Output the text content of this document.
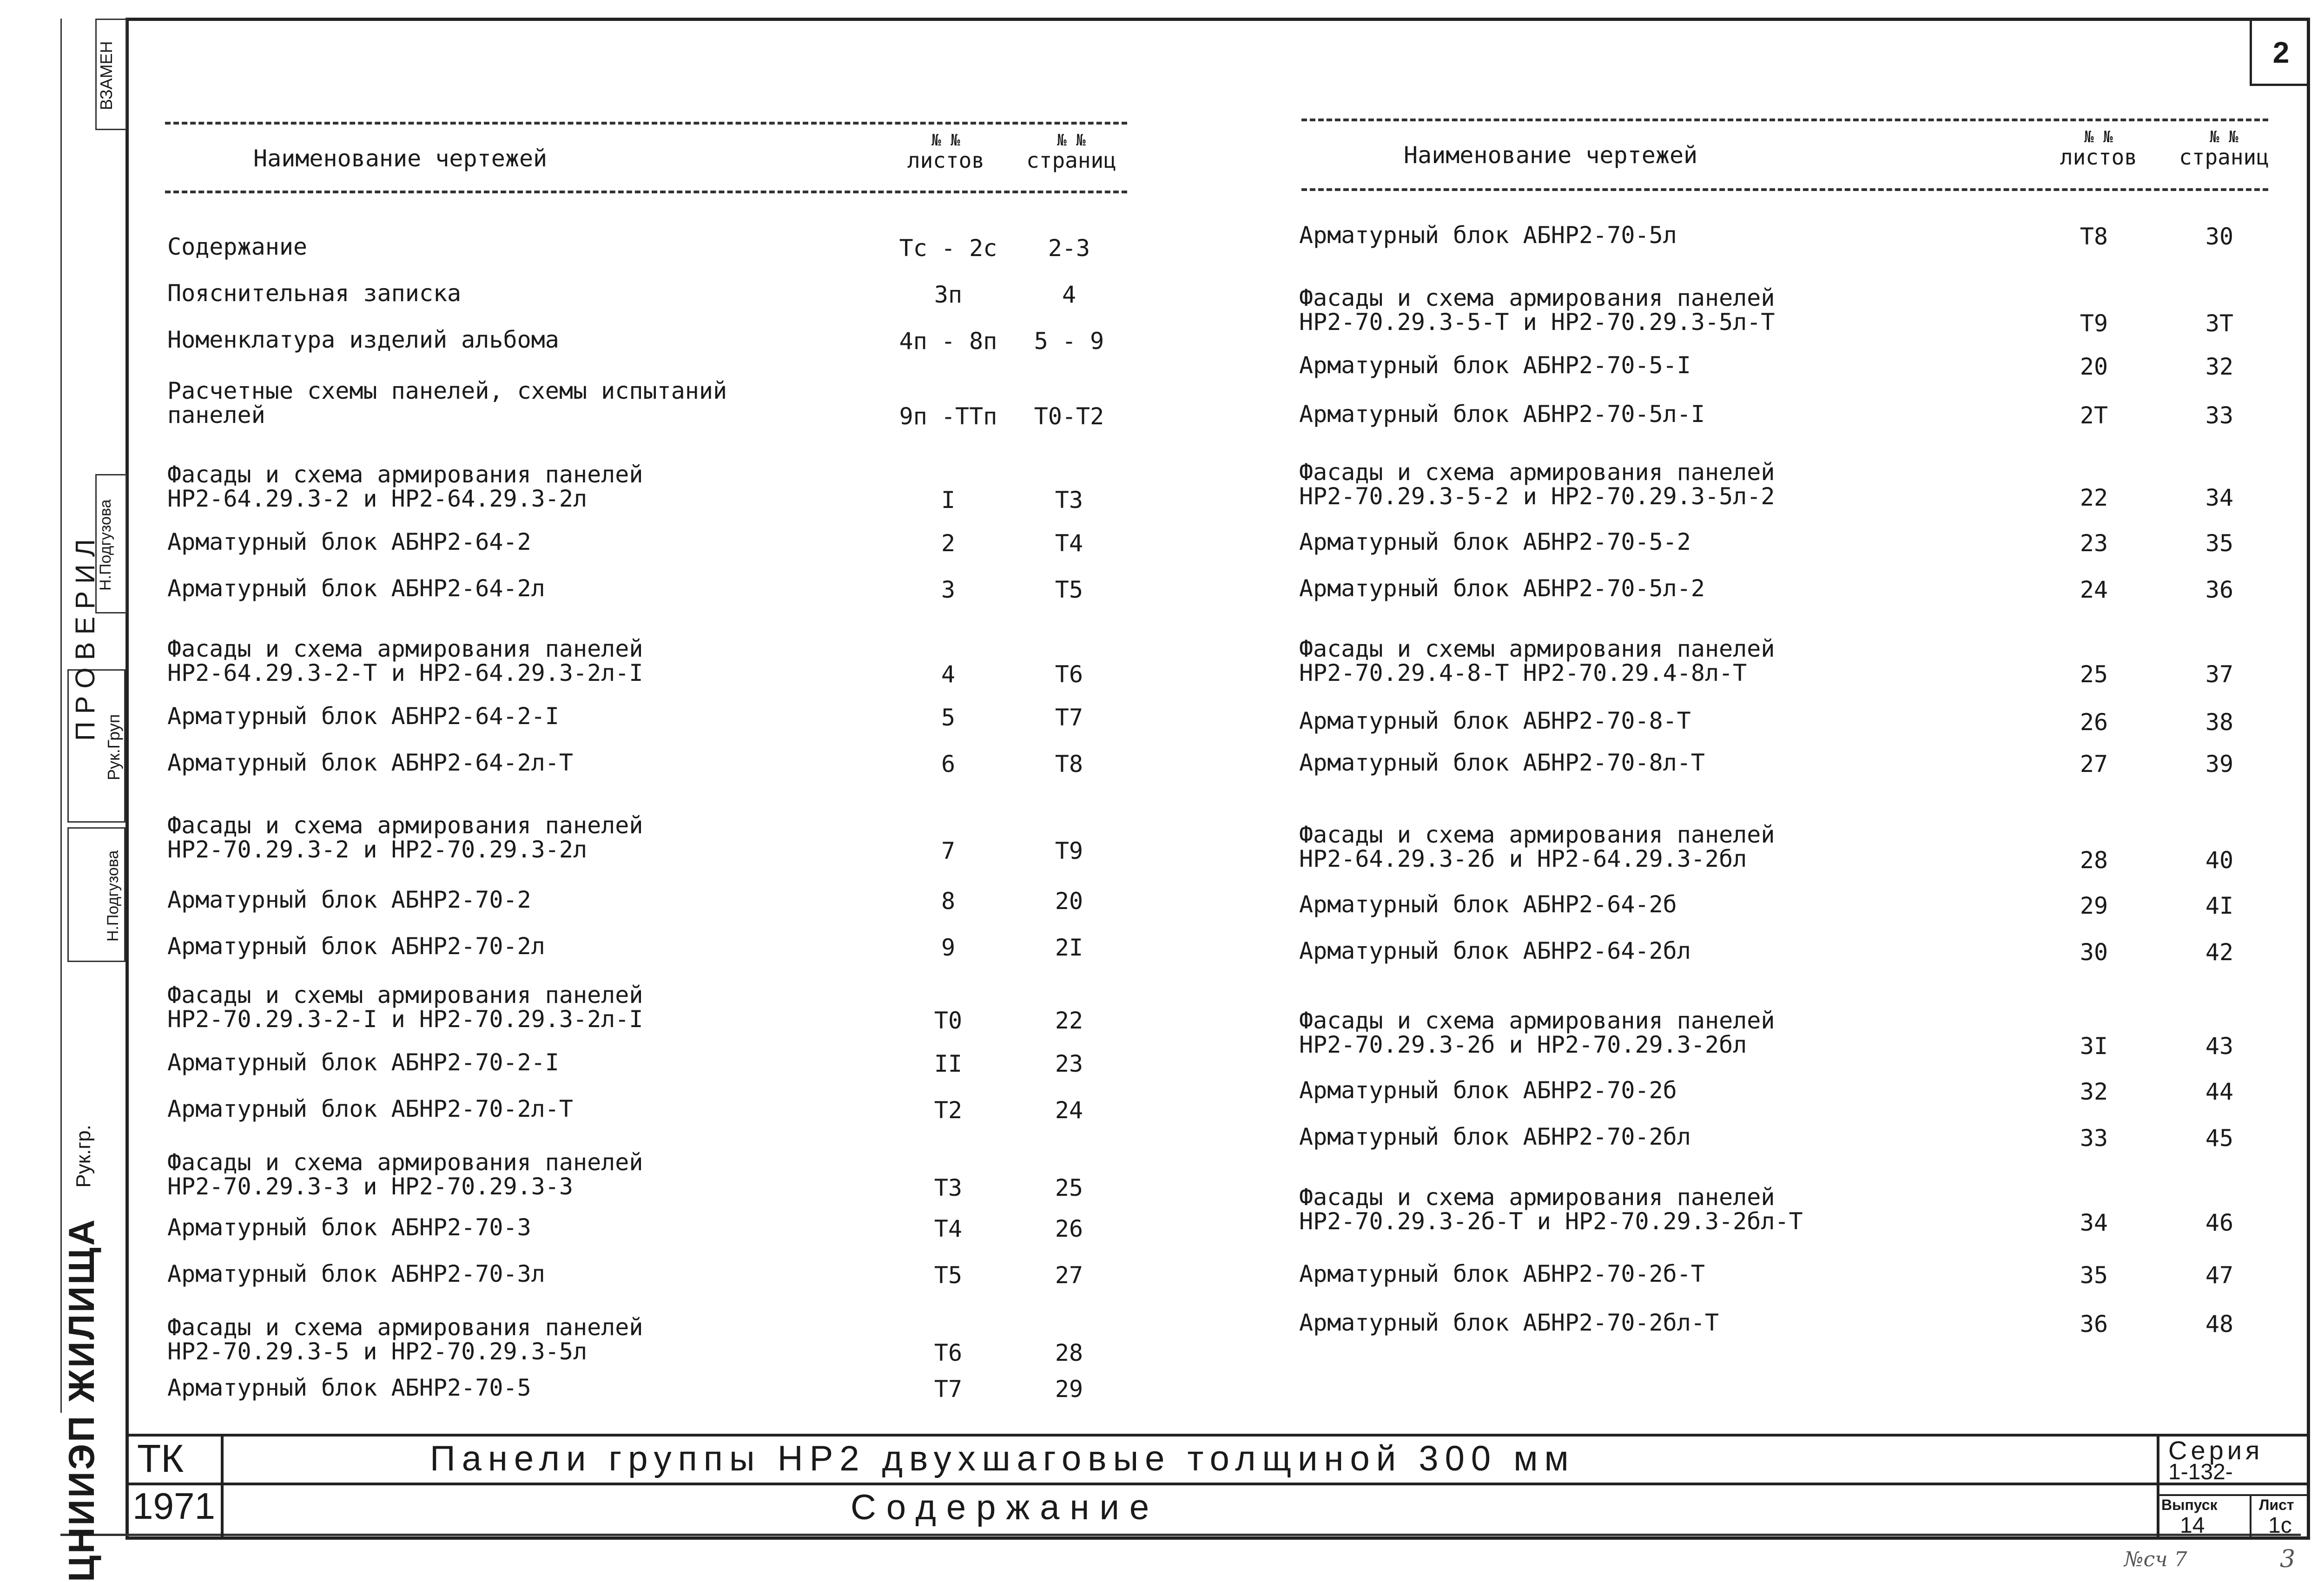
2
ВЗАМЕН
Н.Подгузова
Рук.Груп
П Р О В Е Р И Л
Н.Подгузова
Рук.гр.
ЦНИИЭП ЖИЛИЩА
Наименование чертежей
№ №
листов
№ №
страниц
Содержание	Тс - 2с	2-3
Пояснительная записка	3п	4
Номенклатура изделий альбома	4п - 8п	5 - 9
Расчетные схемы панелей, схемы испытаний
панелей	9п -ТТп	Т0-Т2
Фасады и схема армирования панелей
НР2-64.29.3-2 и НР2-64.29.3-2л	I	Т3
Арматурный блок АБНР2-64-2	2	Т4
Арматурный блок АБНР2-64-2л	3	Т5
Фасады и схема армирования панелей
НР2-64.29.3-2-Т и НР2-64.29.3-2л-I	4	Т6
Арматурный блок АБНР2-64-2-I	5	Т7
Арматурный блок АБНР2-64-2л-Т	6	Т8
Фасады и схема армирования панелей
НР2-70.29.3-2 и НР2-70.29.3-2л	7	Т9
Арматурный блок АБНР2-70-2	8	20
Арматурный блок АБНР2-70-2л	9	2I
Фасады и схемы армирования панелей
НР2-70.29.3-2-I и НР2-70.29.3-2л-I	Т0	22
Арматурный блок АБНР2-70-2-I	II	23
Арматурный блок АБНР2-70-2л-Т	Т2	24
Фасады и схема армирования панелей
НР2-70.29.3-3 и НР2-70.29.3-3	Т3	25
Арматурный блок АБНР2-70-3	Т4	26
Арматурный блок АБНР2-70-3л	Т5	27
Фасады и схема армирования панелей
НР2-70.29.3-5 и НР2-70.29.3-5л	Т6	28
Арматурный блок АБНР2-70-5	Т7	29
Наименование чертежей
№ №
листов
№ №
страниц
Арматурный блок АБНР2-70-5л	Т8	30
Фасады и схема армирования панелей
НР2-70.29.3-5-Т и НР2-70.29.3-5л-Т	Т9	3Т
Арматурный блок АБНР2-70-5-I	20	32
Арматурный блок АБНР2-70-5л-I	2Т	33
Фасады и схема армирования панелей
НР2-70.29.3-5-2 и НР2-70.29.3-5л-2	22	34
Арматурный блок АБНР2-70-5-2	23	35
Арматурный блок АБНР2-70-5л-2	24	36
Фасады и схемы армирования панелей
НР2-70.29.4-8-Т НР2-70.29.4-8л-Т	25	37
Арматурный блок АБНР2-70-8-Т	26	38
Арматурный блок АБНР2-70-8л-Т	27	39
Фасады и схема армирования панелей
НР2-64.29.3-2б и НР2-64.29.3-2бл	28	40
Арматурный блок АБНР2-64-2б	29	4I
Арматурный блок АБНР2-64-2бл	30	42
Фасады и схема армирования панелей
НР2-70.29.3-2б и НР2-70.29.3-2бл	3I	43
Арматурный блок АБНР2-70-2б	32	44
Арматурный блок АБНР2-70-2бл	33	45
Фасады и схема армирования панелей
НР2-70.29.3-2б-Т и НР2-70.29.3-2бл-Т	34	46
Арматурный блок АБНР2-70-2б-Т	35	47
Арматурный блок АБНР2-70-2бл-Т	36	48
ТК
1971
Панели группы НР2 двухшаговые толщиной 300 мм
Содержание
Серия
1-132-
Выпуск
14
Лист
1с
№сч 7	3
